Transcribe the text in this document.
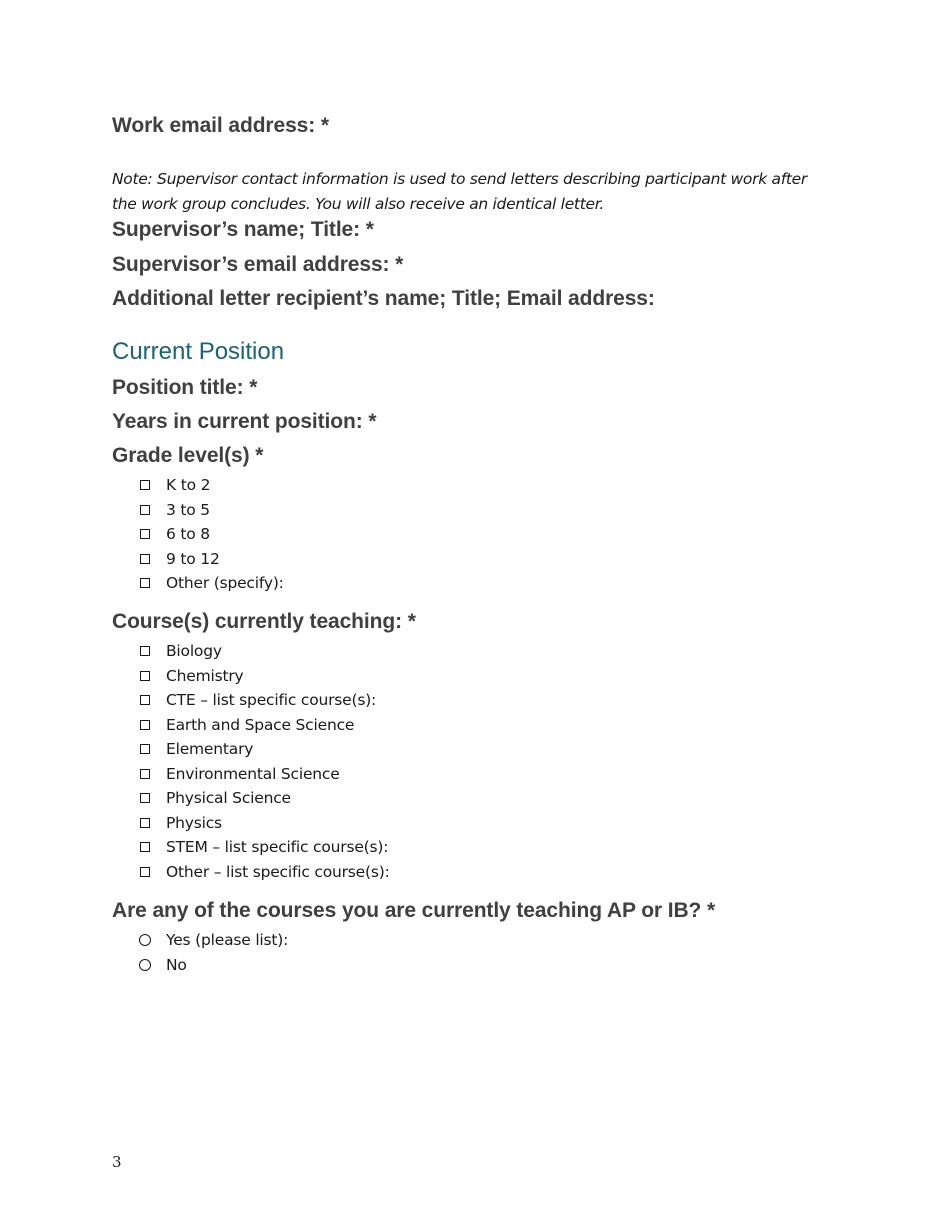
Work email address: *
Note: Supervisor contact information is used to send letters describing participant work after the work group concludes. You will also receive an identical letter.
Supervisor’s name; Title: *
Supervisor’s email address: *
Additional letter recipient’s name; Title; Email address:
Current Position
Position title: *
Years in current position: *
Grade level(s) *
K to 2
3 to 5
6 to 8
9 to 12
Other (specify):
Course(s) currently teaching: *
Biology
Chemistry
CTE – list specific course(s):
Earth and Space Science
Elementary
Environmental Science
Physical Science
Physics
STEM – list specific course(s):
Other – list specific course(s):
Are any of the courses you are currently teaching AP or IB? *
Yes (please list):
No
3
